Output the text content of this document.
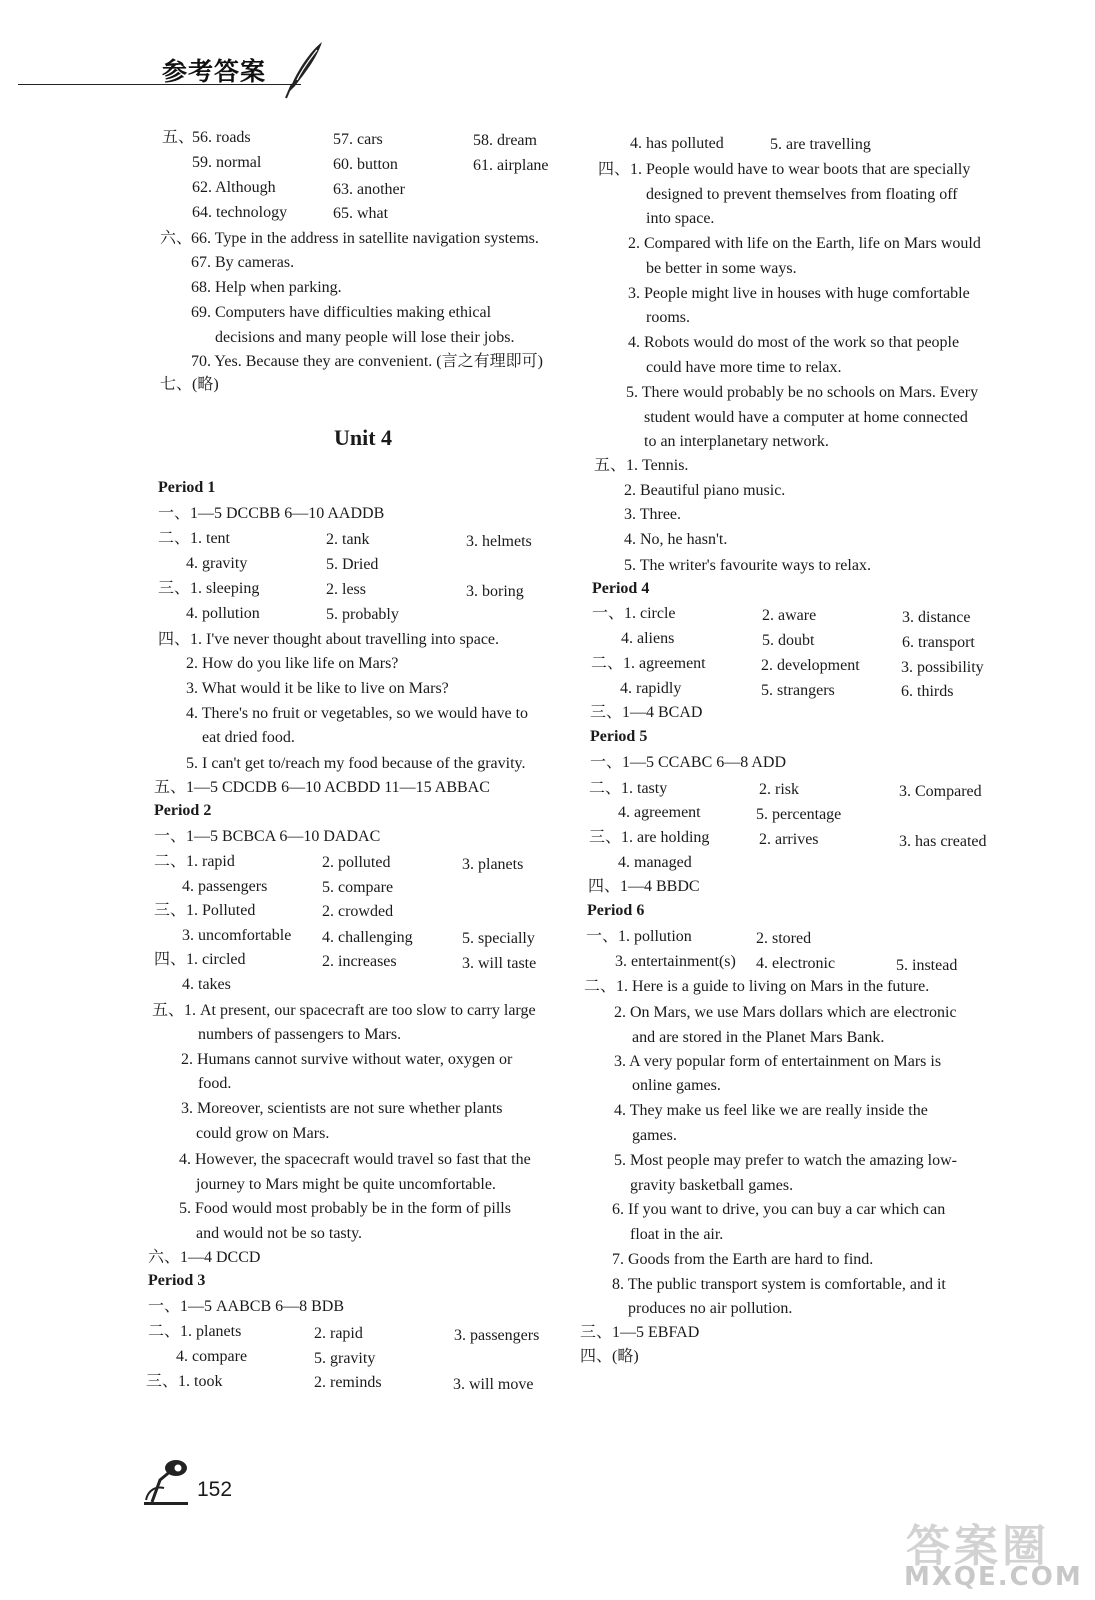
参考答案
五、
56. roads	57. cars	58. dream
59. normal	60. button	61. airplane
62. Although	63. another
64. technology	65. what
六、
66. Type in the address in satellite navigation systems.
67. By cameras.
68. Help when parking.
69. Computers have difficulties making ethical
decisions and many people will lose their jobs.
70. Yes. Because they are convenient. (言之有理即可)
七、(略)
Unit 4
Period 1
一、1—5 DCCBB 6—10 AADDB
二、1. tent	2. tank	3. helmets
4. gravity	5. Dried
三、1. sleeping	2. less	3. boring
4. pollution	5. probably
四、1. I've never thought about travelling into space.
2. How do you like life on Mars?
3. What would it be like to live on Mars?
4. There's no fruit or vegetables, so we would have to
eat dried food.
5. I can't get to/reach my food because of the gravity.
五、1—5 CDCDB 6—10 ACBDD 11—15 ABBAC
Period 2
一、1—5 BCBCA 6—10 DADAC
二、1. rapid	2. polluted	3. planets
4. passengers	5. compare
三、1. Polluted	2. crowded
3. uncomfortable 4. challenging	5. specially
四、1. circled	2. increases	3. will taste
4. takes
五、1. At present, our spacecraft are too slow to carry large
numbers of passengers to Mars.
2. Humans cannot survive without water, oxygen or
food.
3. Moreover, scientists are not sure whether plants
could grow on Mars.
4. However, the spacecraft would travel so fast that the
journey to Mars might be quite uncomfortable.
5. Food would most probably be in the form of pills
and would not be so tasty.
六、1—4 DCCD
Period 3
一、1—5 AABCB 6—8 BDB
二、1. planets	2. rapid	3. passengers
4. compare	5. gravity
三、1. took	2. reminds	3. will move
4. has polluted	5. are travelling
四、1. People would have to wear boots that are specially
designed to prevent themselves from floating off
into space.
2. Compared with life on the Earth, life on Mars would
be better in some ways.
3. People might live in houses with huge comfortable
rooms.
4. Robots would do most of the work so that people
could have more time to relax.
5. There would probably be no schools on Mars. Every
student would have a computer at home connected
to an interplanetary network.
五、1. Tennis.
2. Beautiful piano music.
3. Three.
4. No, he hasn't.
5. The writer's favourite ways to relax.
Period 4
一、1. circle	2. aware	3. distance
4. aliens	5. doubt	6. transport
二、1. agreement	2. development	3. possibility
4. rapidly	5. strangers	6. thirds
三、1—4 BCAD
Period 5
一、1—5 CCABC 6—8 ADD
二、1. tasty	2. risk	3. Compared
4. agreement	5. percentage
三、1. are holding	2. arrives	3. has created
4. managed
四、1—4 BBDC
Period 6
一、1. pollution	2. stored
3. entertainment(s) 4. electronic	5. instead
二、1. Here is a guide to living on Mars in the future.
2. On Mars, we use Mars dollars which are electronic
and are stored in the Planet Mars Bank.
3. A very popular form of entertainment on Mars is
online games.
4. They make us feel like we are really inside the
games.
5. Most people may prefer to watch the amazing low-
gravity basketball games.
6. If you want to drive, you can buy a car which can
float in the air.
7. Goods from the Earth are hard to find.
8. The public transport system is comfortable, and it
produces no air pollution.
三、1—5 EBFAD
四、(略)
152
答案圈
MXQE.COM
